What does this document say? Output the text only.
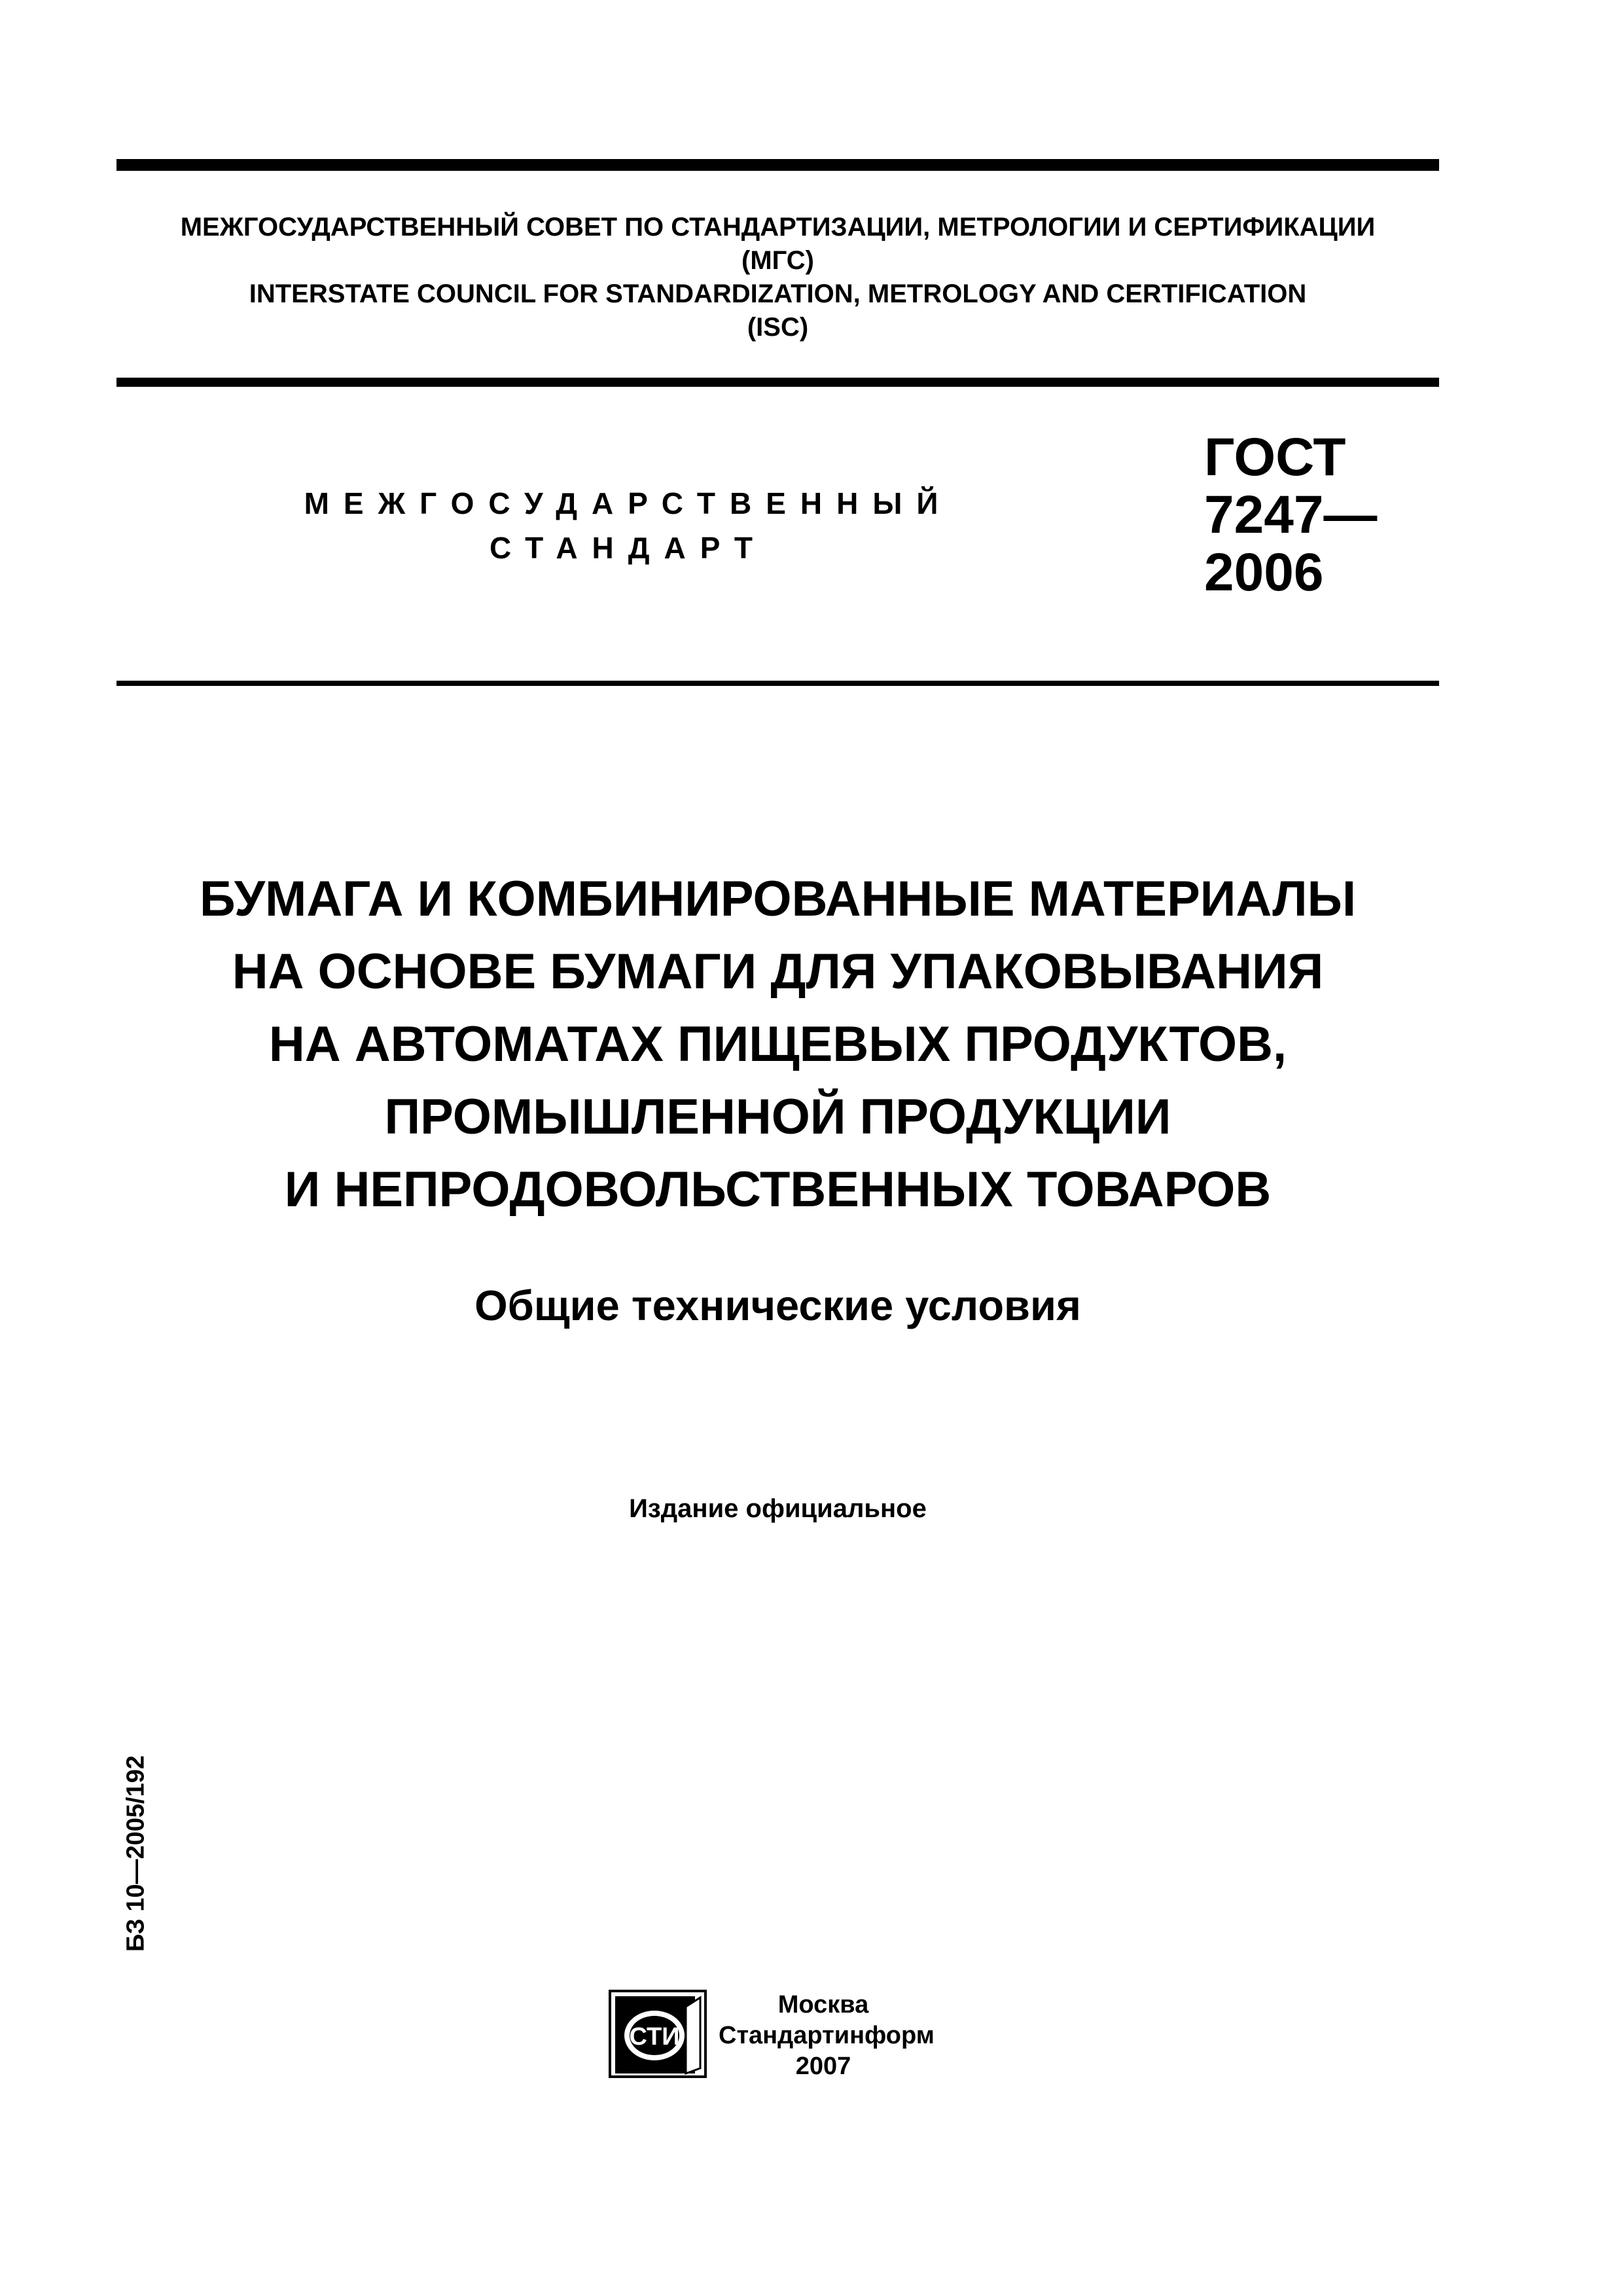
МЕЖГОСУДАРСТВЕННЫЙ СОВЕТ ПО СТАНДАРТИЗАЦИИ, МЕТРОЛОГИИ И СЕРТИФИКАЦИИ
(МГС)
INTERSTATE COUNCIL FOR STANDARDIZATION, METROLOGY AND CERTIFICATION
(ISC)
МЕЖГОСУДАРСТВЕННЫЙ
СТАНДАРТ
ГОСТ
7247—
2006
БУМАГА И КОМБИНИРОВАННЫЕ МАТЕРИАЛЫ
НА ОСНОВЕ БУМАГИ ДЛЯ УПАКОВЫВАНИЯ
НА АВТОМАТАХ ПИЩЕВЫХ ПРОДУКТОВ,
ПРОМЫШЛЕННОЙ ПРОДУКЦИИ
И НЕПРОДОВОЛЬСТВЕННЫХ ТОВАРОВ
Общие технические условия
Издание официальное
БЗ 10—2005/192
СТИ
Москва
Стандартинформ
2007
